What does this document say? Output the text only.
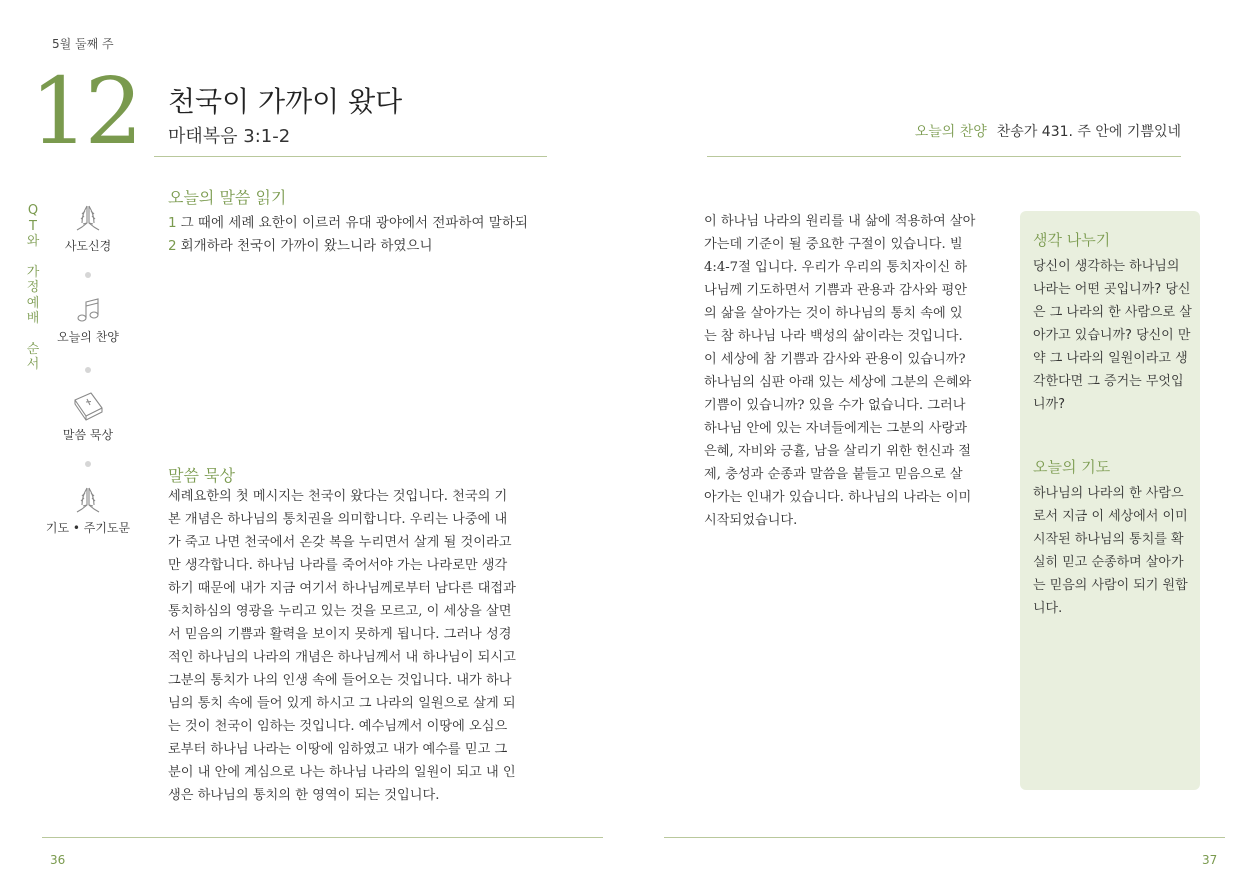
5월 둘째 주
12 천국이 가까이 왔다
마태복음 3:1-2	오늘의 찬양 찬송가 431. 주 안에 기쁨있네
Q
T
와
가
정
예
배
순
서
사도신경
오늘의 찬양
말씀 묵상
기도 • 주기도문
오늘의 말씀 읽기
1 그 때에 세례 요한이 이르러 유대 광야에서 전파하여 말하되
2 회개하라 천국이 가까이 왔느니라 하였으니
말씀 묵상
세례요한의 첫 메시지는 천국이 왔다는 것입니다. 천국의 기
본 개념은 하나님의 통치권을 의미합니다. 우리는 나중에 내
가 죽고 나면 천국에서 온갖 복을 누리면서 살게 될 것이라고
만 생각합니다. 하나님 나라를 죽어서야 가는 나라로만 생각
하기 때문에 내가 지금 여기서 하나님께로부터 남다른 대접과
통치하심의 영광을 누리고 있는 것을 모르고, 이 세상을 살면
서 믿음의 기쁨과 활력을 보이지 못하게 됩니다. 그러나 성경
적인 하나님의 나라의 개념은 하나님께서 내 하나님이 되시고
그분의 통치가 나의 인생 속에 들어오는 것입니다. 내가 하나
님의 통치 속에 들어 있게 하시고 그 나라의 일원으로 살게 되
는 것이 천국이 임하는 것입니다. 예수님께서 이땅에 오심으
로부터 하나님 나라는 이땅에 임하였고 내가 예수를 믿고 그
분이 내 안에 계심으로 나는 하나님 나라의 일원이 되고 내 인
생은 하나님의 통치의 한 영역이 되는 것입니다.
이 하나님 나라의 원리를 내 삶에 적용하여 살아
가는데 기준이 될 중요한 구절이 있습니다. 빌
4:4-7절 입니다. 우리가 우리의 통치자이신 하
나님께 기도하면서 기쁨과 관용과 감사와 평안
의 삶을 살아가는 것이 하나님의 통치 속에 있
는 참 하나님 나라 백성의 삶이라는 것입니다.
이 세상에 참 기쁨과 감사와 관용이 있습니까?
하나님의 심판 아래 있는 세상에 그분의 은혜와
기쁨이 있습니까? 있을 수가 없습니다. 그러나
하나님 안에 있는 자녀들에게는 그분의 사랑과
은혜, 자비와 긍휼, 남을 살리기 위한 헌신과 절
제, 충성과 순종과 말씀을 붙들고 믿음으로 살
아가는 인내가 있습니다. 하나님의 나라는 이미
시작되었습니다.
생각 나누기
당신이 생각하는 하나님의
나라는 어떤 곳입니까? 당신
은 그 나라의 한 사람으로 살
아가고 있습니까? 당신이 만
약 그 나라의 일원이라고 생
각한다면 그 증거는 무엇입
니까?
오늘의 기도
하나님의 나라의 한 사람으
로서 지금 이 세상에서 이미
시작된 하나님의 통치를 확
실히 믿고 순종하며 살아가
는 믿음의 사람이 되기 원합
니다.
36	37
